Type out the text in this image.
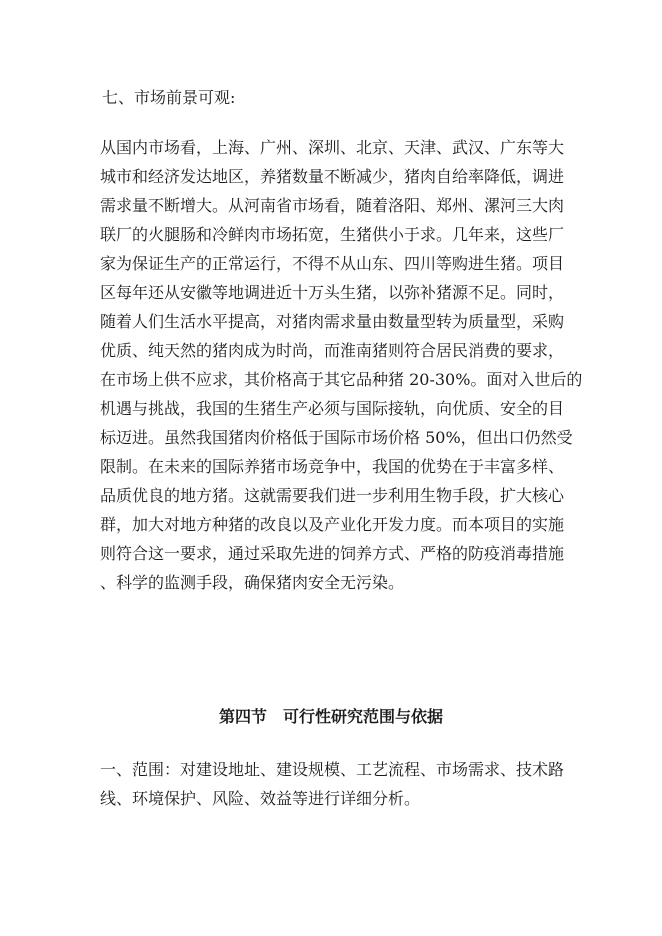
七、市场前景可观:
从国内市场看，上海、广州、深圳、北京、天津、武汉、广东等大
城市和经济发达地区，养猪数量不断减少，猪肉自给率降低，调进
需求量不断增大。从河南省市场看，随着洛阳、郑州、漯河三大肉
联厂的火腿肠和冷鲜肉市场拓宽，生猪供小于求。几年来，这些厂
家为保证生产的正常运行，不得不从山东、四川等购进生猪。项目
区每年还从安徽等地调进近十万头生猪，以弥补猪源不足。同时，
随着人们生活水平提高，对猪肉需求量由数量型转为质量型，采购
优质、纯天然的猪肉成为时尚，而淮南猪则符合居民消费的要求，
在市场上供不应求，其价格高于其它品种猪 20-30%。面对入世后的
机遇与挑战，我国的生猪生产必须与国际接轨，向优质、安全的目
标迈进。虽然我国猪肉价格低于国际市场价格 50%，但出口仍然受
限制。在未来的国际养猪市场竞争中，我国的优势在于丰富多样、
品质优良的地方猪。这就需要我们进一步利用生物手段，扩大核心
群，加大对地方种猪的改良以及产业化开发力度。而本项目的实施
则符合这一要求，通过采取先进的饲养方式、严格的防疫消毒措施
、科学的监测手段，确保猪肉安全无污染。
第四节 可行性研究范围与依据
一、范围：对建设地址、建设规模、工艺流程、市场需求、技术路
线、环境保护、风险、效益等进行详细分析。
